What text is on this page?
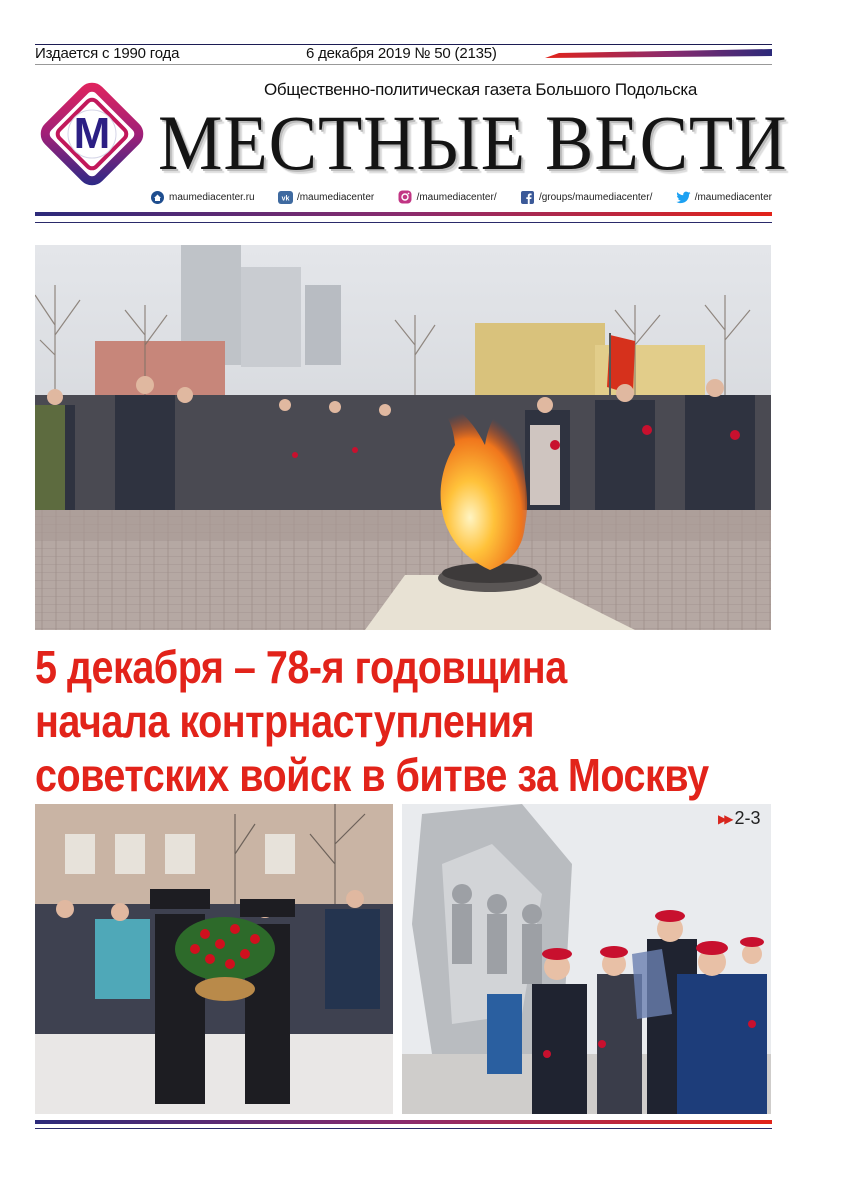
Издается с 1990 года	6 декабря 2019 № 50 (2135)
Общественно-политическая газета Большого Подольска
М МЕСТНЫЕ ВЕСТИ
maumediacenter.ru	vk /maumediacenter	/maumediacenter/	/groups/maumediacenter/	/maumediacenter
5 декабря – 78-я годовщина
начала контрнаступления
советских войск в битве за Москву
▶▶ 2-3
